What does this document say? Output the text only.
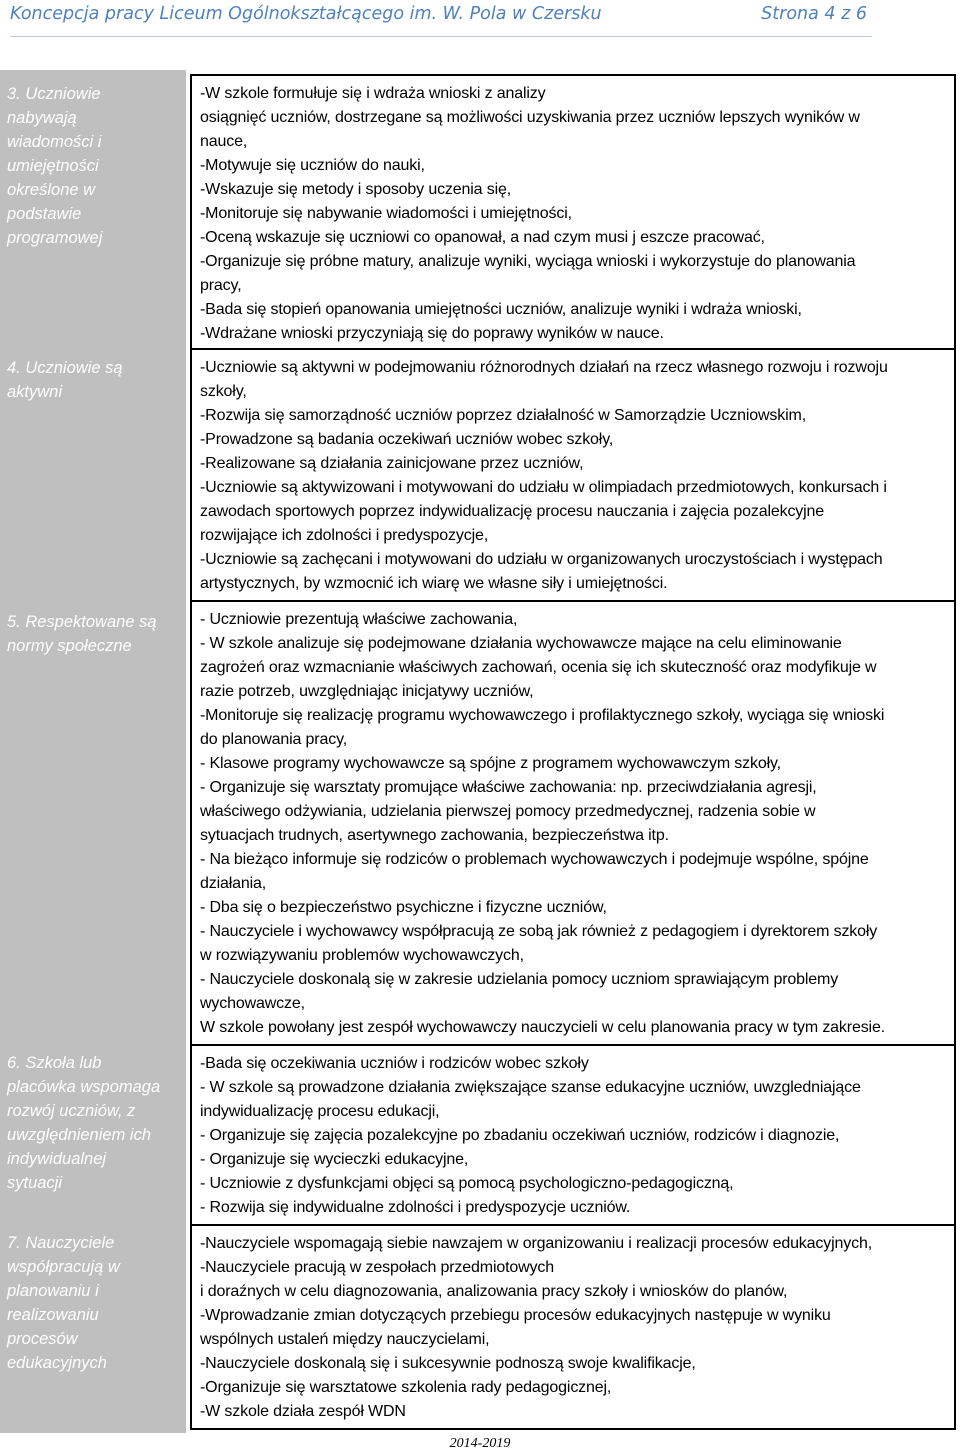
Koncepcja pracy Liceum Ogólnokształcącego im. W. Pola w Czersku	Strona 4 z 6
3. Uczniowie
nabywają
wiadomości i
umiejętności
określone w
podstawie
programowej
4. Uczniowie są
aktywni
5. Respektowane są
normy społeczne
6. Szkoła lub
placówka wspomaga
rozwój uczniów, z
uwzględnieniem ich
indywidualnej
sytuacji
7. Nauczyciele
współpracują w
planowaniu i
realizowaniu
procesów
edukacyjnych
-W szkole formułuje się i wdraża wnioski z analizy
osiągnięć uczniów, dostrzegane są możliwości uzyskiwania przez uczniów lepszych wyników w
nauce,
-Motywuje się uczniów do nauki,
-Wskazuje się metody i sposoby uczenia się,
-Monitoruje się nabywanie wiadomości i umiejętności,
-Oceną wskazuje się uczniowi co opanował, a nad czym musi j eszcze pracować,
-Organizuje się próbne matury, analizuje wyniki, wyciąga wnioski i wykorzystuje do planowania
pracy,
-Bada się stopień opanowania umiejętności uczniów, analizuje wyniki i wdraża wnioski,
-Wdrażane wnioski przyczyniają się do poprawy wyników w nauce.
-Uczniowie są aktywni w podejmowaniu różnorodnych działań na rzecz własnego rozwoju i rozwoju
szkoły,
-Rozwija się samorządność uczniów poprzez działalność w Samorządzie Uczniowskim,
-Prowadzone są badania oczekiwań uczniów wobec szkoły,
-Realizowane są działania zainicjowane przez uczniów,
-Uczniowie są aktywizowani i motywowani do udziału w olimpiadach przedmiotowych, konkursach i
zawodach sportowych poprzez indywidualizację procesu nauczania i zajęcia pozalekcyjne
rozwijające ich zdolności i predyspozycje,
-Uczniowie są zachęcani i motywowani do udziału w organizowanych uroczystościach i występach
artystycznych, by wzmocnić ich wiarę we własne siły i umiejętności.
- Uczniowie prezentują właściwe zachowania,
- W szkole analizuje się podejmowane działania wychowawcze mające na celu eliminowanie
zagrożeń oraz wzmacnianie właściwych zachowań, ocenia się ich skuteczność oraz modyfikuje w
razie potrzeb, uwzględniając inicjatywy uczniów,
-Monitoruje się realizację programu wychowawczego i profilaktycznego szkoły, wyciąga się wnioski
do planowania pracy,
- Klasowe programy wychowawcze są spójne z programem wychowawczym szkoły,
- Organizuje się warsztaty promujące właściwe zachowania: np. przeciwdziałania agresji,
właściwego odżywiania, udzielania pierwszej pomocy przedmedycznej, radzenia sobie w
sytuacjach trudnych, asertywnego zachowania, bezpieczeństwa itp.
- Na bieżąco informuje się rodziców o problemach wychowawczych i podejmuje wspólne, spójne
działania,
- Dba się o bezpieczeństwo psychiczne i fizyczne uczniów,
- Nauczyciele i wychowawcy współpracują ze sobą jak również z pedagogiem i dyrektorem szkoły
w rozwiązywaniu problemów wychowawczych,
- Nauczyciele doskonalą się w zakresie udzielania pomocy uczniom sprawiającym problemy
wychowawcze,
W szkole powołany jest zespół wychowawczy nauczycieli w celu planowania pracy w tym zakresie.
-Bada się oczekiwania uczniów i rodziców wobec szkoły
- W szkole są prowadzone działania zwiększające szanse edukacyjne uczniów, uwzgledniające
indywidualizację procesu edukacji,
- Organizuje się zajęcia pozalekcyjne po zbadaniu oczekiwań uczniów, rodziców i diagnozie,
- Organizuje się wycieczki edukacyjne,
- Uczniowie z dysfunkcjami objęci są pomocą psychologiczno-pedagogiczną,
- Rozwija się indywidualne zdolności i predyspozycje uczniów.
-Nauczyciele wspomagają siebie nawzajem w organizowaniu i realizacji procesów edukacyjnych,
-Nauczyciele pracują w zespołach przedmiotowych
i doraźnych w celu diagnozowania, analizowania pracy szkoły i wniosków do planów,
-Wprowadzanie zmian dotyczących przebiegu procesów edukacyjnych następuje w wyniku
wspólnych ustaleń między nauczycielami,
-Nauczyciele doskonalą się i sukcesywnie podnoszą swoje kwalifikacje,
-Organizuje się warsztatowe szkolenia rady pedagogicznej,
-W szkole działa zespół WDN
2014-2019
